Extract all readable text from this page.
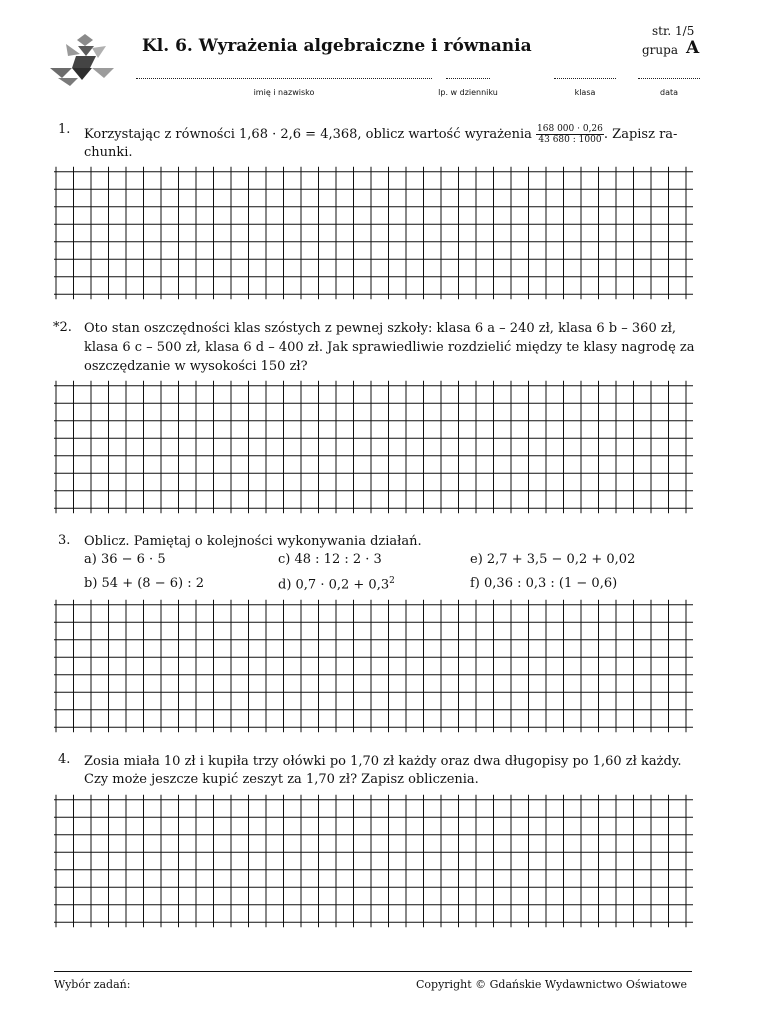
Kl. 6. Wyrażenia algebraiczne i równania
str. 1/5
grupa A
imię i nazwisko	lp. w dzienniku	klasa	data
1. Korzystając z równości 1,68 · 2,6 = 4,368, oblicz wartość wyrażenia $\frac{168 000 \cdot 0,26}{43 680 : 1000}$ . Zapisz ra-
chunki.
*2. Oto stan oszczędności klas szóstych z pewnej szkoły: klasa 6 a – 240 zł, klasa 6 b – 360 zł,
klasa 6 c – 500 zł, klasa 6 d – 400 zł. Jak sprawiedliwie rozdzielić między te klasy nagrodę za
oszczędzanie w wysokości 150 zł?
3. Oblicz. Pamiętaj o kolejności wykonywania działań.
a) 36 − 6 · 5	c) 48 : 12 : 2 · 3	e) 2,7 + 3,5 − 0,2 + 0,02
b) 54 + (8 − 6) : 2	d) $0,7 \cdot 0,2 + 0,3^2$	f) 0,36 : 0,3 : (1 − 0,6)
4. Zosia miała 10 zł i kupiła trzy ołówki po 1,70 zł każdy oraz dwa długopisy po 1,60 zł każdy.
Czy może jeszcze kupić zeszyt za 1,70 zł? Zapisz obliczenia.
Wybór zadań:	Copyright © Gdańskie Wydawnictwo Oświatowe
